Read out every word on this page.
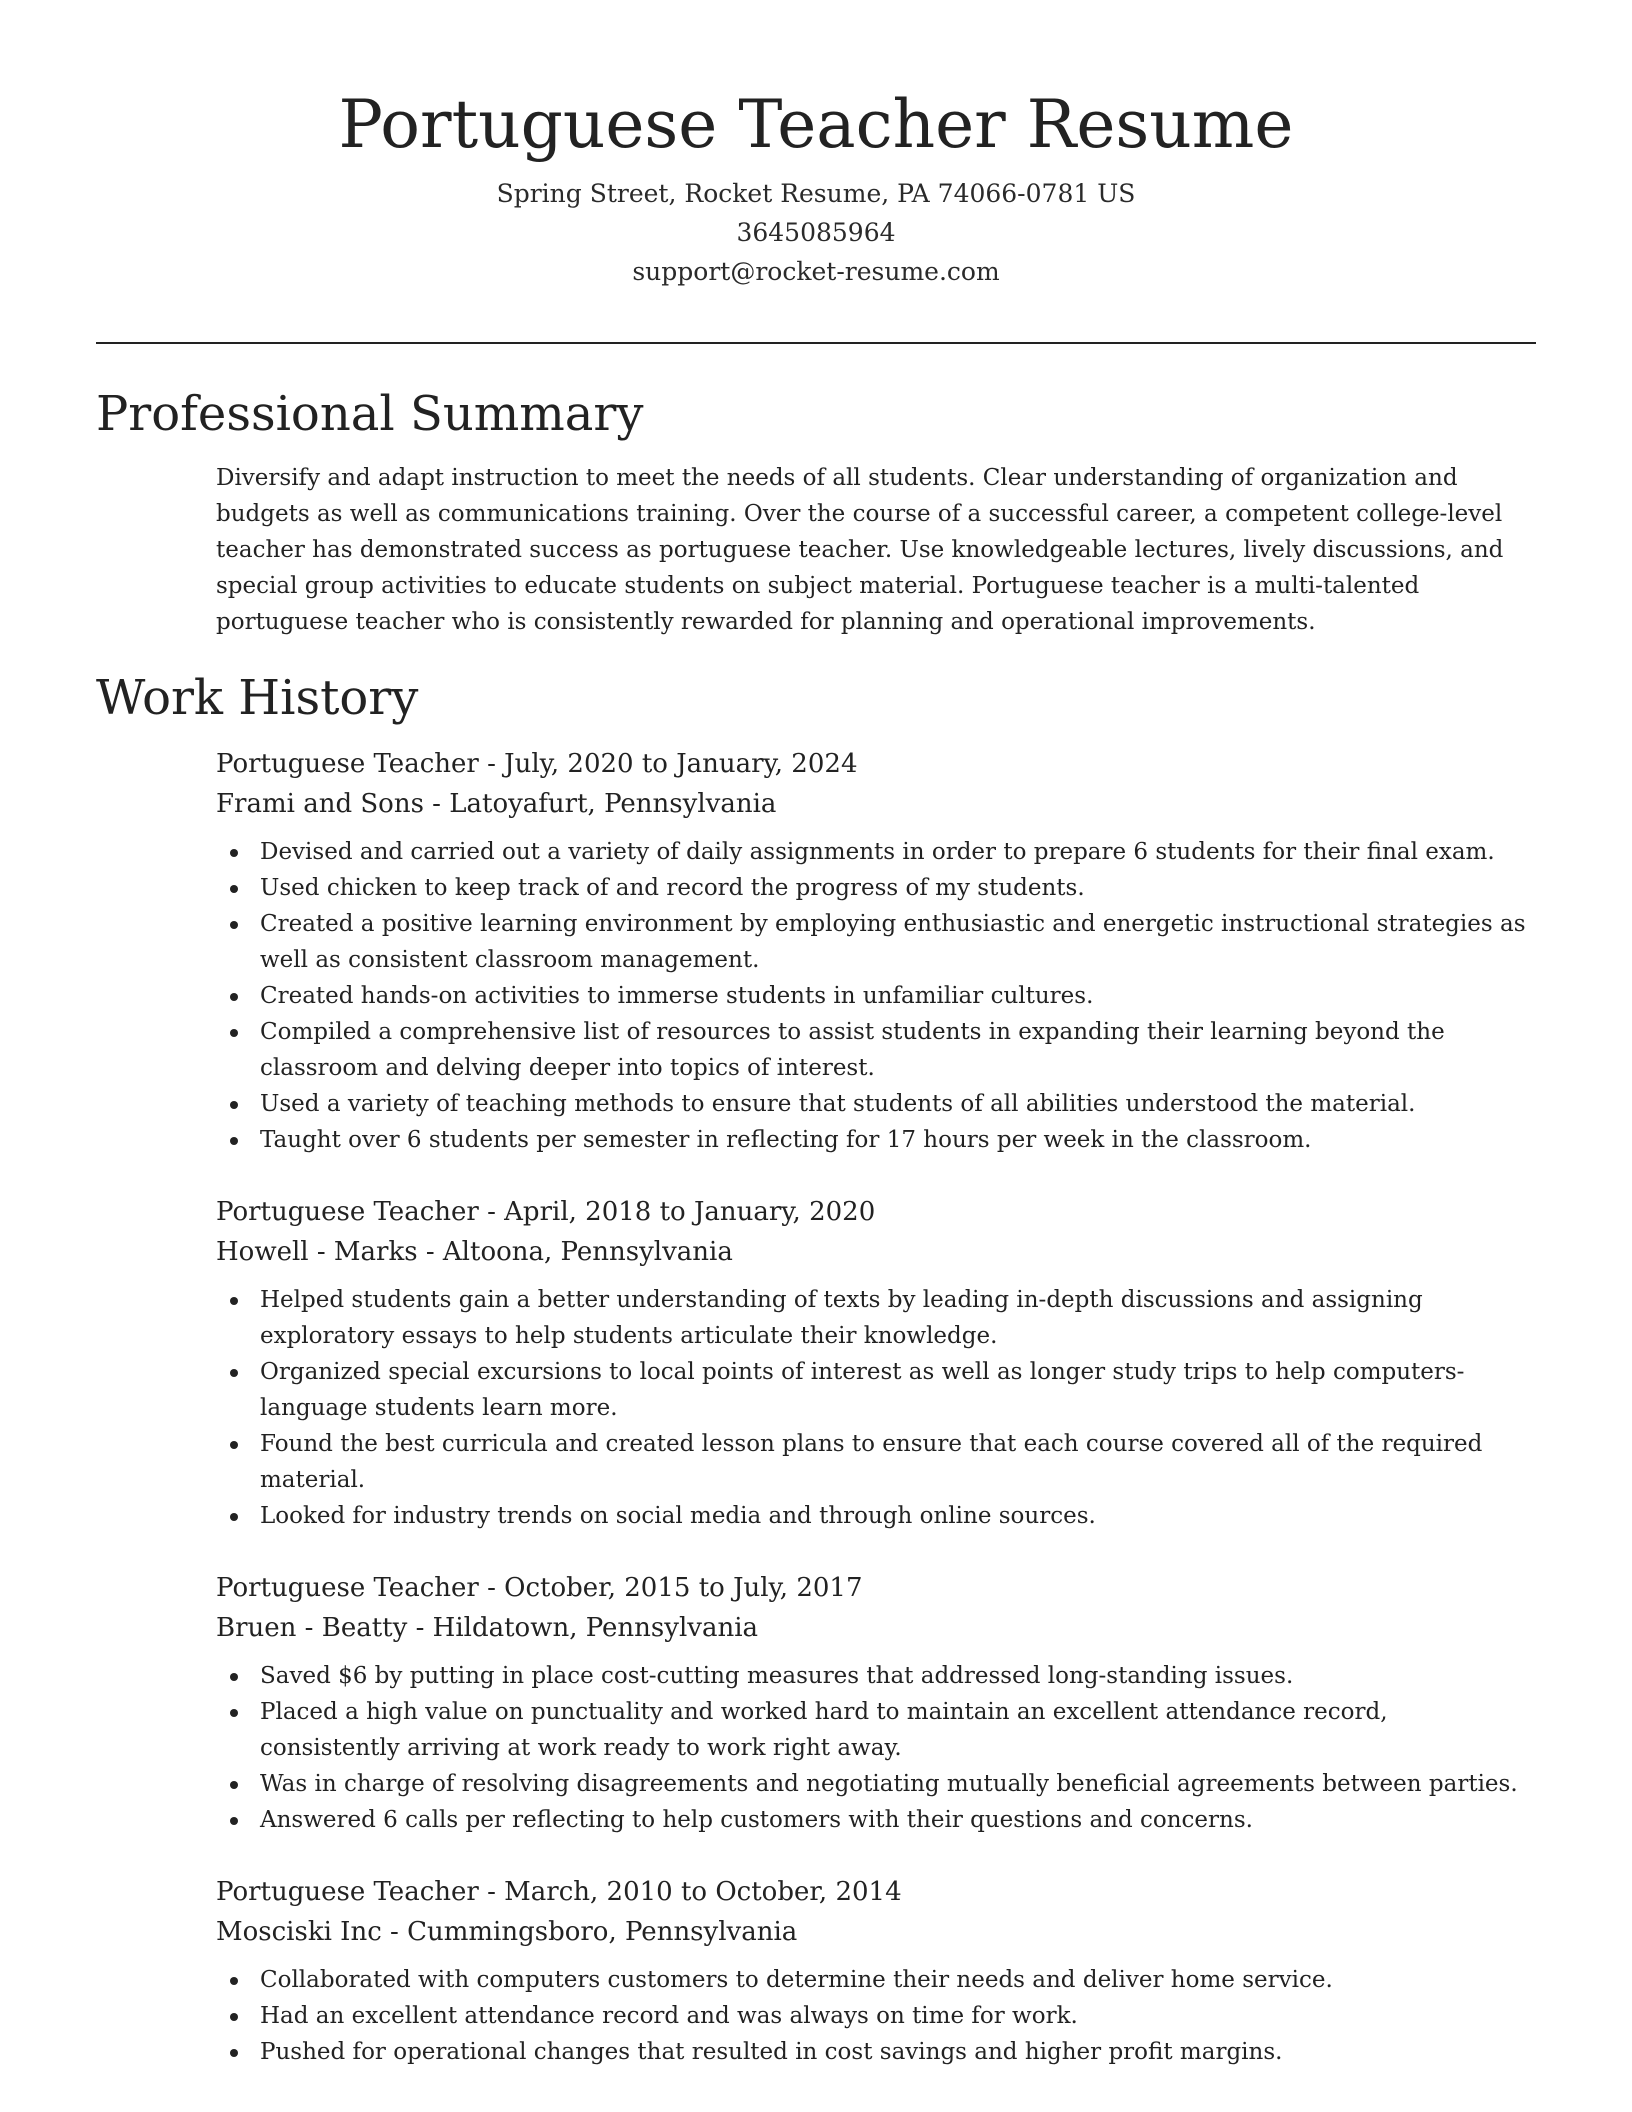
Portuguese Teacher Resume
Spring Street, Rocket Resume, PA 74066-0781 US
3645085964
support@rocket-resume.com
Professional Summary

Diversify and adapt instruction to meet the needs of all students. Clear understanding of organization and budgets as well as communications training. Over the course of a successful career, a competent college-level teacher has demonstrated success as portuguese teacher. Use knowledgeable lectures, lively discussions, and special group activities to educate students on subject material. Portuguese teacher is a multi-talented portuguese teacher who is consistently rewarded for planning and operational improvements.

Work History
Portuguese Teacher - July, 2020 to January, 2024
Frami and Sons - Latoyafurt, Pennsylvania
Devised and carried out a variety of daily assignments in order to prepare 6 students for their final exam.
Used chicken to keep track of and record the progress of my students.
Created a positive learning environment by employing enthusiastic and energetic instructional strategies as well as consistent classroom management.
Created hands-on activities to immerse students in unfamiliar cultures.
Compiled a comprehensive list of resources to assist students in expanding their learning beyond the classroom and delving deeper into topics of interest.
Used a variety of teaching methods to ensure that students of all abilities understood the material.
Taught over 6 students per semester in reflecting for 17 hours per week in the classroom.
Portuguese Teacher - April, 2018 to January, 2020
Howell - Marks - Altoona, Pennsylvania
Helped students gain a better understanding of texts by leading in-depth discussions and assigning exploratory essays to help students articulate their knowledge.
Organized special excursions to local points of interest as well as longer study trips to help computers-language students learn more.
Found the best curricula and created lesson plans to ensure that each course covered all of the required material.
Looked for industry trends on social media and through online sources.
Portuguese Teacher - October, 2015 to July, 2017
Bruen - Beatty - Hildatown, Pennsylvania
Saved $6 by putting in place cost-cutting measures that addressed long-standing issues.
Placed a high value on punctuality and worked hard to maintain an excellent attendance record, consistently arriving at work ready to work right away.
Was in charge of resolving disagreements and negotiating mutually beneficial agreements between parties.
Answered 6 calls per reflecting to help customers with their questions and concerns.
Portuguese Teacher - March, 2010 to October, 2014
Mosciski Inc - Cummingsboro, Pennsylvania
Collaborated with computers customers to determine their needs and deliver home service.
Had an excellent attendance record and was always on time for work.
Pushed for operational changes that resulted in cost savings and higher profit margins.
